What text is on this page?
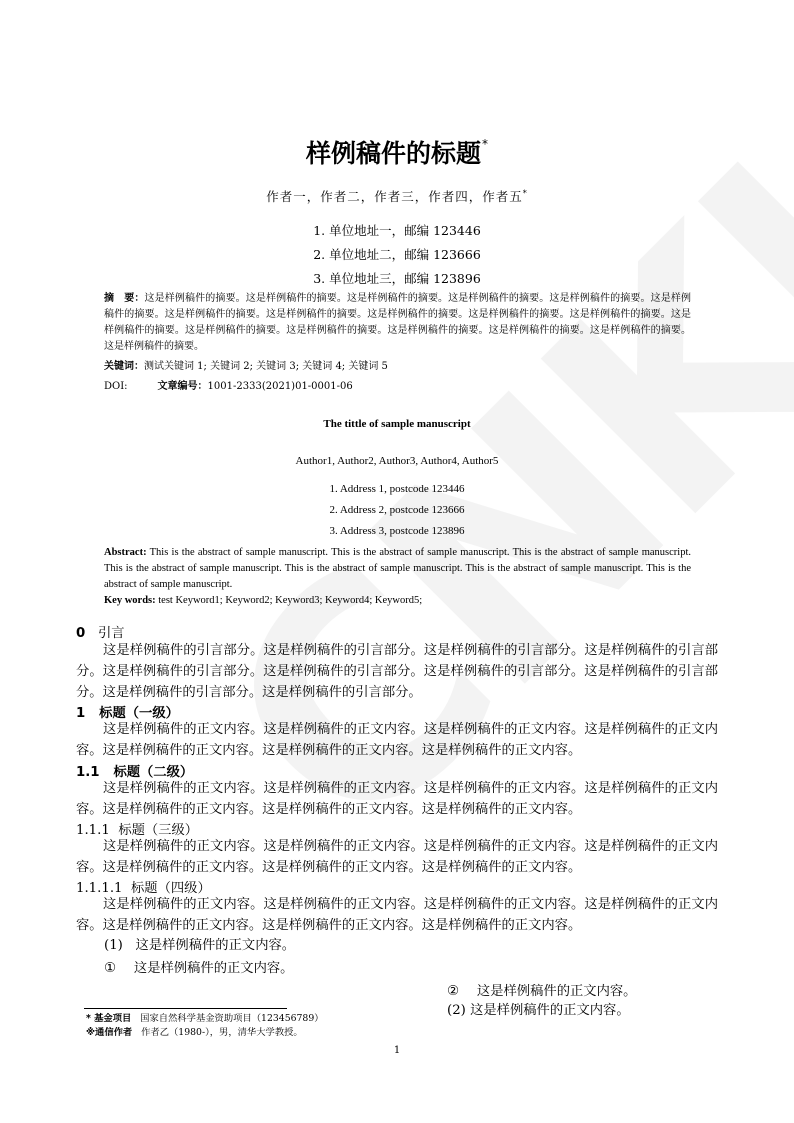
样例稿件的标题*
作者一，作者二，作者三，作者四，作者五*
1. 单位地址一，邮编 123446
2. 单位地址二，邮编 123666
3. 单位地址三，邮编 123896
摘　要：这是样例稿件的摘要。这是样例稿件的摘要。这是样例稿件的摘要。这是样例稿件的摘要。这是样例稿件的摘要。这是样例稿件的摘要。这是样例稿件的摘要。这是样例稿件的摘要。这是样例稿件的摘要。这是样例稿件的摘要。这是样例稿件的摘要。这是样例稿件的摘要。这是样例稿件的摘要。这是样例稿件的摘要。这是样例稿件的摘要。这是样例稿件的摘要。这是样例稿件的摘要。这是样例稿件的摘要。
关键词：测试关键词 1; 关键词 2; 关键词 3; 关键词 4; 关键词 5
DOI:	文章编号：1001-2333(2021)01-0001-06
The tittle of sample manuscript
Author1, Author2, Author3, Author4, Author5
1. Address 1, postcode 123446
2. Address 2, postcode 123666
3. Address 3, postcode 123896
Abstract: This is the abstract of sample manuscript. This is the abstract of sample manuscript. This is the abstract of sample manuscript. This is the abstract of sample manuscript. This is the abstract of sample manuscript. This is the abstract of sample manuscript. This is the abstract of sample manuscript.
Key words: test Keyword1; Keyword2; Keyword3; Keyword4; Keyword5;
0 引言

这是样例稿件的引言部分。这是样例稿件的引言部分。这是样例稿件的引言部分。这是样例稿件的引言部分。这是样例稿件的引言部分。这是样例稿件的引言部分。这是样例稿件的引言部分。这是样例稿件的引言部分。这是样例稿件的引言部分。这是样例稿件的引言部分。

1 标题（一级）

这是样例稿件的正文内容。这是样例稿件的正文内容。这是样例稿件的正文内容。这是样例稿件的正文内容。这是样例稿件的正文内容。这是样例稿件的正文内容。这是样例稿件的正文内容。

1.1 标题（二级）

这是样例稿件的正文内容。这是样例稿件的正文内容。这是样例稿件的正文内容。这是样例稿件的正文内容。这是样例稿件的正文内容。这是样例稿件的正文内容。这是样例稿件的正文内容。

1.1.1 标题（三级）

这是样例稿件的正文内容。这是样例稿件的正文内容。这是样例稿件的正文内容。这是样例稿件的正文内容。这是样例稿件的正文内容。这是样例稿件的正文内容。这是样例稿件的正文内容。

1.1.1.1 标题（四级）

这是样例稿件的正文内容。这是样例稿件的正文内容。这是样例稿件的正文内容。这是样例稿件的正文内容。这是样例稿件的正文内容。这是样例稿件的正文内容。这是样例稿件的正文内容。

(1) 这是样例稿件的正文内容。
① 这是样例稿件的正文内容。
② 这是样例稿件的正文内容。
(2) 这是样例稿件的正文内容。
* 基金项目 国家自然科学基金资助项目（123456789）
※通信作者 作者乙（1980-），男，清华大学教授。
1
